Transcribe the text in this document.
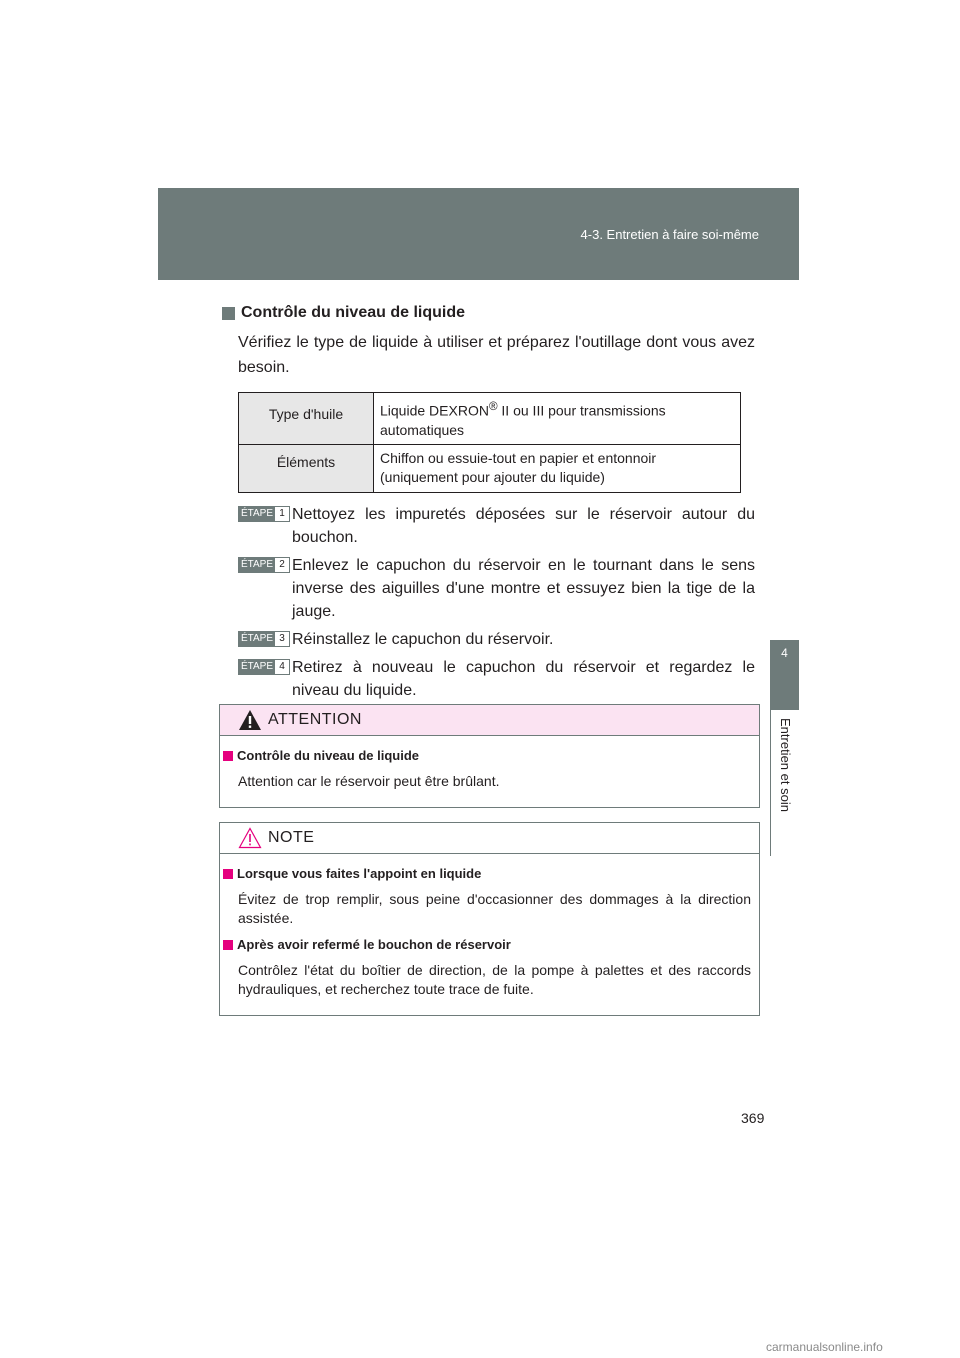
4-3. Entretien à faire soi-même
4
Entretien et soin
Contrôle du niveau de liquide

Vérifiez le type de liquide à utiliser et préparez l'outillage dont vous avez besoin.

Type d'huile	Liquide DEXRON® II ou III pour transmissions automatiques
Éléments	Chiffon ou essuie-tout en papier et entonnoir (uniquement pour ajouter du liquide)
ÉTAPE 1 Nettoyez les impuretés déposées sur le réservoir autour du bouchon.
ÉTAPE 2 Enlevez le capuchon du réservoir en le tournant dans le sens inverse des aiguilles d'une montre et essuyez bien la tige de la jauge.
ÉTAPE 3 Réinstallez le capuchon du réservoir.
ÉTAPE 4 Retirez à nouveau le capuchon du réservoir et regardez le niveau du liquide.
ATTENTION
Contrôle du niveau de liquide

Attention car le réservoir peut être brûlant.

NOTE
Lorsque vous faites l'appoint en liquide

Évitez de trop remplir, sous peine d'occasionner des dommages à la direction assistée.

Après avoir refermé le bouchon de réservoir

Contrôlez l'état du boîtier de direction, de la pompe à palettes et des raccords hydrauliques, et recherchez toute trace de fuite.

369
carmanualsonline.info
